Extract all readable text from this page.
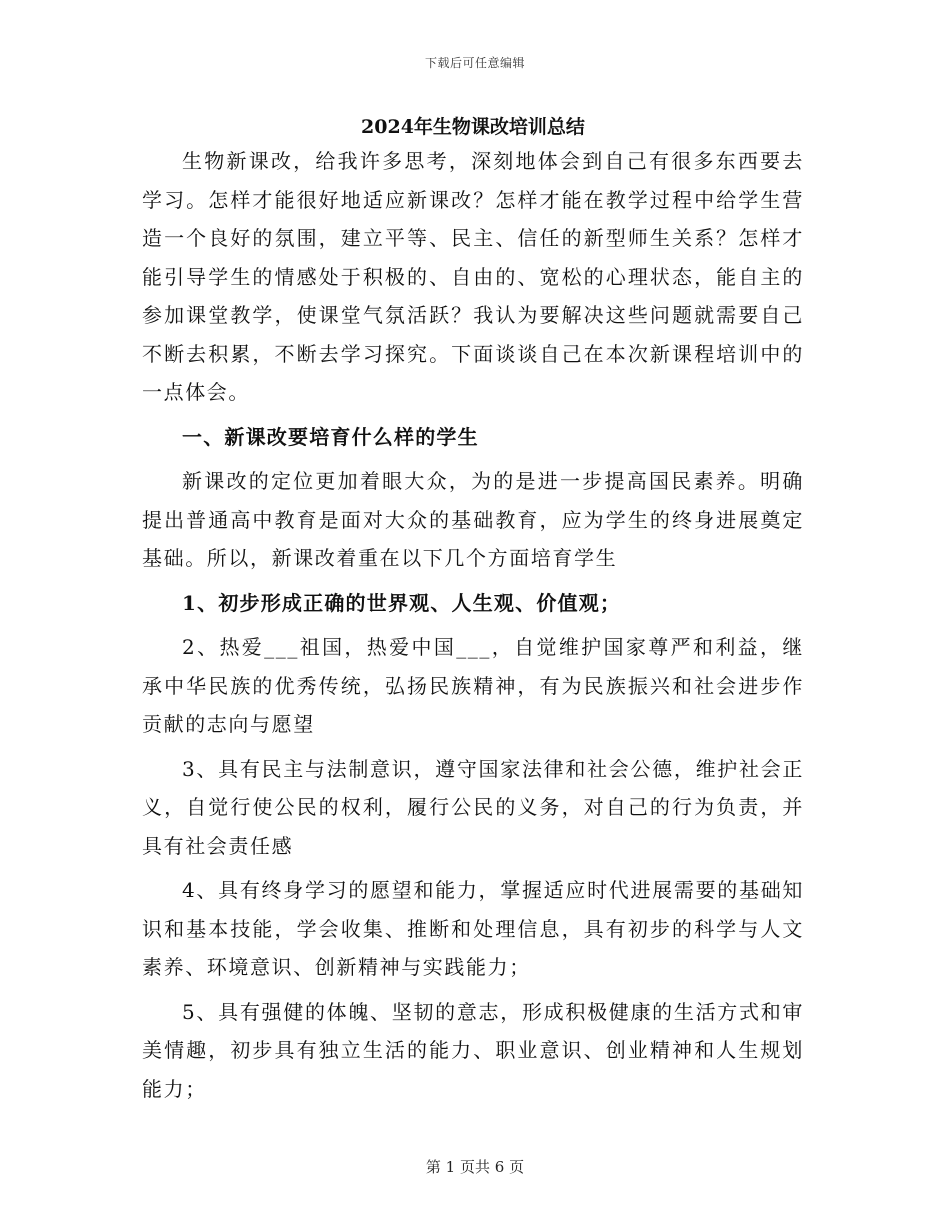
下载后可任意编辑
2024年生物课改培训总结

生物新课改，给我许多思考，深刻地体会到自己有很多东西要去学习。怎样才能很好地适应新课改？怎样才能在教学过程中给学生营造一个良好的氛围，建立平等、民主、信任的新型师生关系？怎样才能引导学生的情感处于积极的、自由的、宽松的心理状态，能自主的参加课堂教学，使课堂气氛活跃？我认为要解决这些问题就需要自己不断去积累，不断去学习探究。下面谈谈自己在本次新课程培训中的一点体会。

一、新课改要培育什么样的学生

新课改的定位更加着眼大众，为的是进一步提高国民素养。明确提出普通高中教育是面对大众的基础教育，应为学生的终身进展奠定基础。所以，新课改着重在以下几个方面培育学生

1、初步形成正确的世界观、人生观、价值观；

2、热爱___祖国，热爱中国___，自觉维护国家尊严和利益，继承中华民族的优秀传统，弘扬民族精神，有为民族振兴和社会进步作贡献的志向与愿望

3、具有民主与法制意识，遵守国家法律和社会公德，维护社会正义，自觉行使公民的权利，履行公民的义务，对自己的行为负责，并具有社会责任感

4、具有终身学习的愿望和能力，掌握适应时代进展需要的基础知识和基本技能，学会收集、推断和处理信息，具有初步的科学与人文素养、环境意识、创新精神与实践能力；

5、具有强健的体魄、坚韧的意志，形成积极健康的生活方式和审美情趣，初步具有独立生活的能力、职业意识、创业精神和人生规划能力；

第 1 页共 6 页
